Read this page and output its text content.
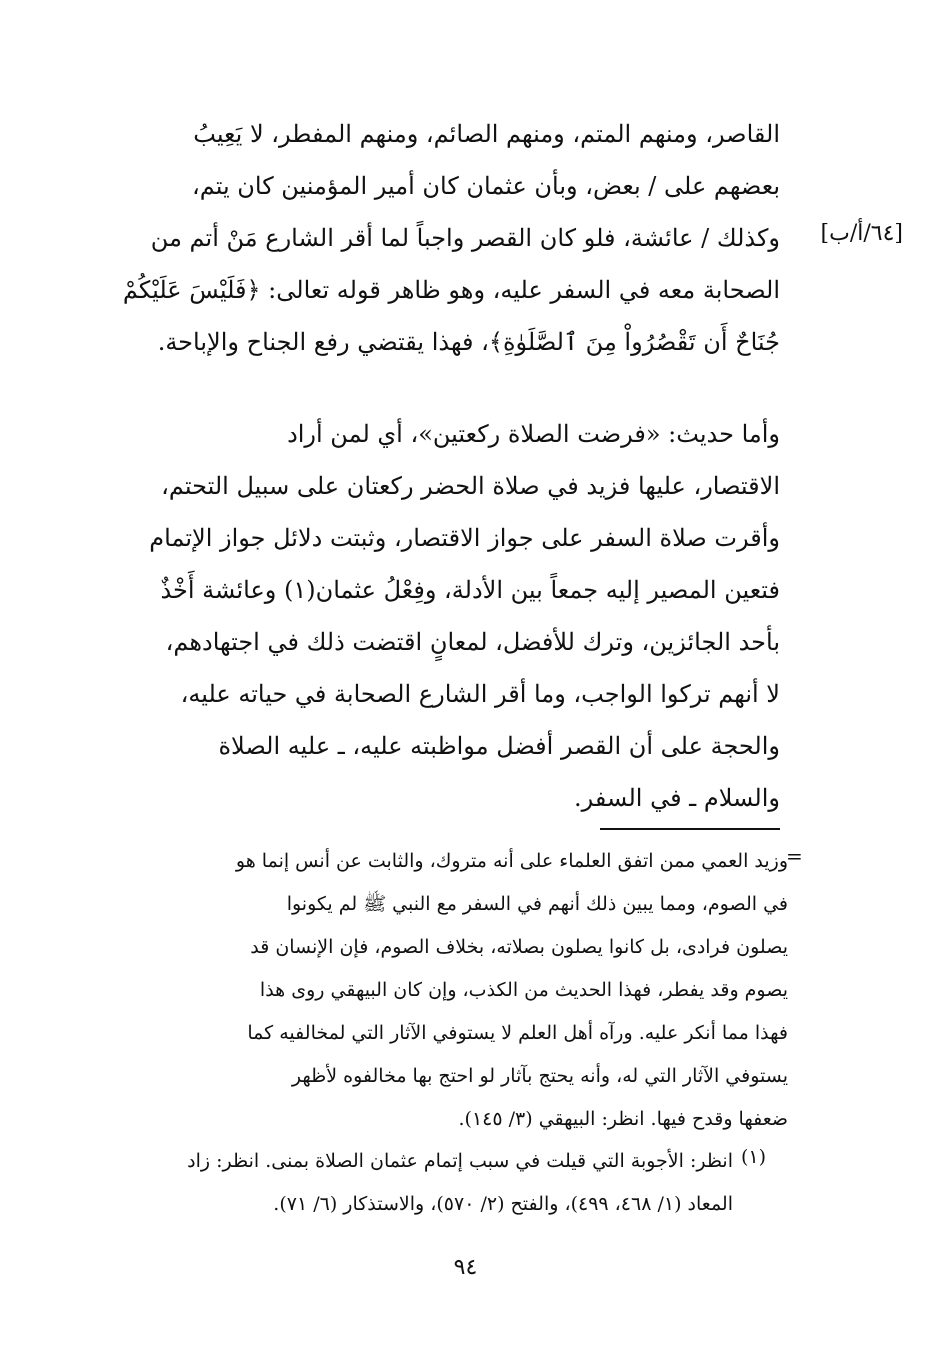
[٦٤/أ/ب]
القاصر، ومنهم المتم، ومنهم الصائم، ومنهم المفطر، لا يَعِيبُ
بعضهم على / بعض، وبأن عثمان كان أمير المؤمنين كان يتم،
وكذلك / عائشة، فلو كان القصر واجباً لما أقر الشارع مَنْ أتم من
الصحابة معه في السفر عليه، وهو ظاهر قوله تعالى: ﴿فَلَيْسَ عَلَيْكُمْ
جُنَاحٌ أَن تَقْصُرُواْ مِنَ ٱلصَّلَوٰةِ﴾، فهذا يقتضي رفع الجناح والإباحة.
وأما حديث: «فرضت الصلاة ركعتين»، أي لمن أراد
الاقتصار، عليها فزيد في صلاة الحضر ركعتان على سبيل التحتم،
وأقرت صلاة السفر على جواز الاقتصار، وثبتت دلائل جواز الإتمام
فتعين المصير إليه جمعاً بين الأدلة، وفِعْلُ عثمان(١) وعائشة أَخْذٌ
بأحد الجائزين، وترك للأفضل، لمعانٍ اقتضت ذلك في اجتهادهم،
لا أنهم تركوا الواجب، وما أقر الشارع الصحابة في حياته عليه،
والحجة على أن القصر أفضل مواظبته عليه، ـ عليه الصلاة
والسلام ـ في السفر.
=
وزيد العمي ممن اتفق العلماء على أنه متروك، والثابت عن أنس إنما هو
في الصوم، ومما يبين ذلك أنهم في السفر مع النبي ﷺ لم يكونوا
يصلون فرادى، بل كانوا يصلون بصلاته، بخلاف الصوم، فإن الإنسان قد
يصوم وقد يفطر، فهذا الحديث من الكذب، وإن كان البيهقي روى هذا
فهذا مما أنكر عليه. ورآه أهل العلم لا يستوفي الآثار التي لمخالفيه كما
يستوفي الآثار التي له، وأنه يحتج بآثار لو احتج بها مخالفوه لأظهر
ضعفها وقدح فيها. انظر: البيهقي (٣/ ١٤٥).
(١)
انظر: الأجوبة التي قيلت في سبب إتمام عثمان الصلاة بمنى. انظر: زاد
المعاد (١/ ٤٦٨، ٤٩٩)، والفتح (٢/ ٥٧٠)، والاستذكار (٦/ ٧١).
٩٤
